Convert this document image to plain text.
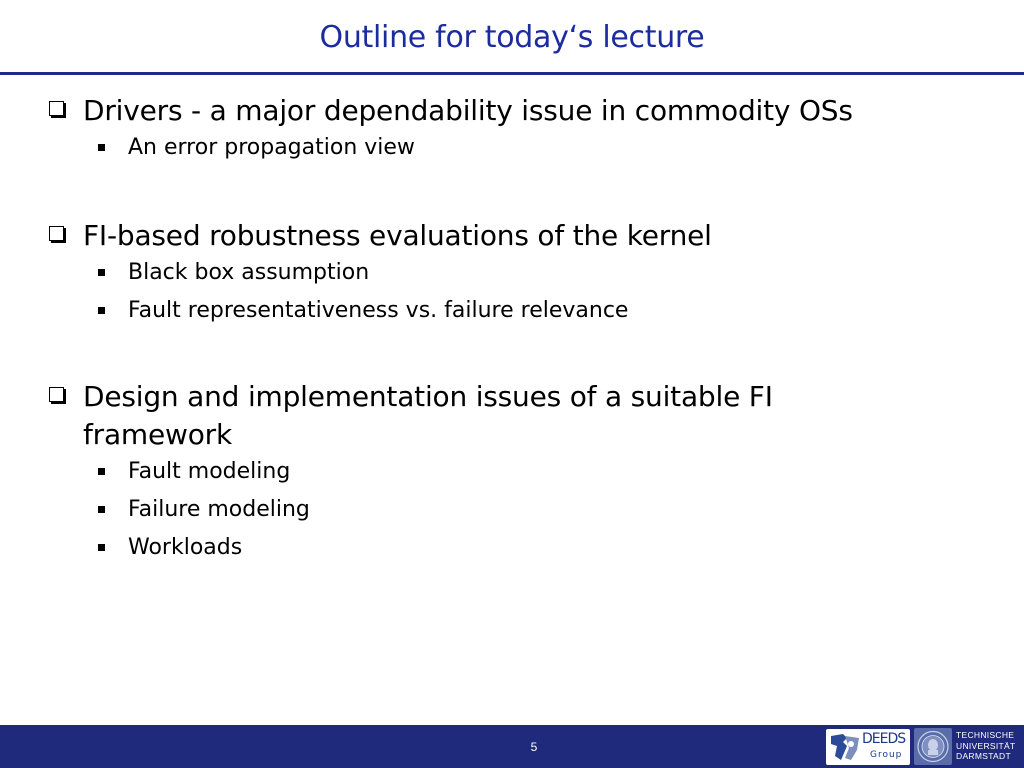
Outline for today‘s lecture
Drivers - a major dependability issue in commodity OSs
An error propagation view
FI-based robustness evaluations of the kernel
Black box assumption
Fault representativeness vs. failure relevance
Design and implementation issues of a suitable FI
framework
Fault modeling
Failure modeling
Workloads
5	DEEDS
Group
TECHNISCHE
UNIVERSITÄT
DARMSTADT
